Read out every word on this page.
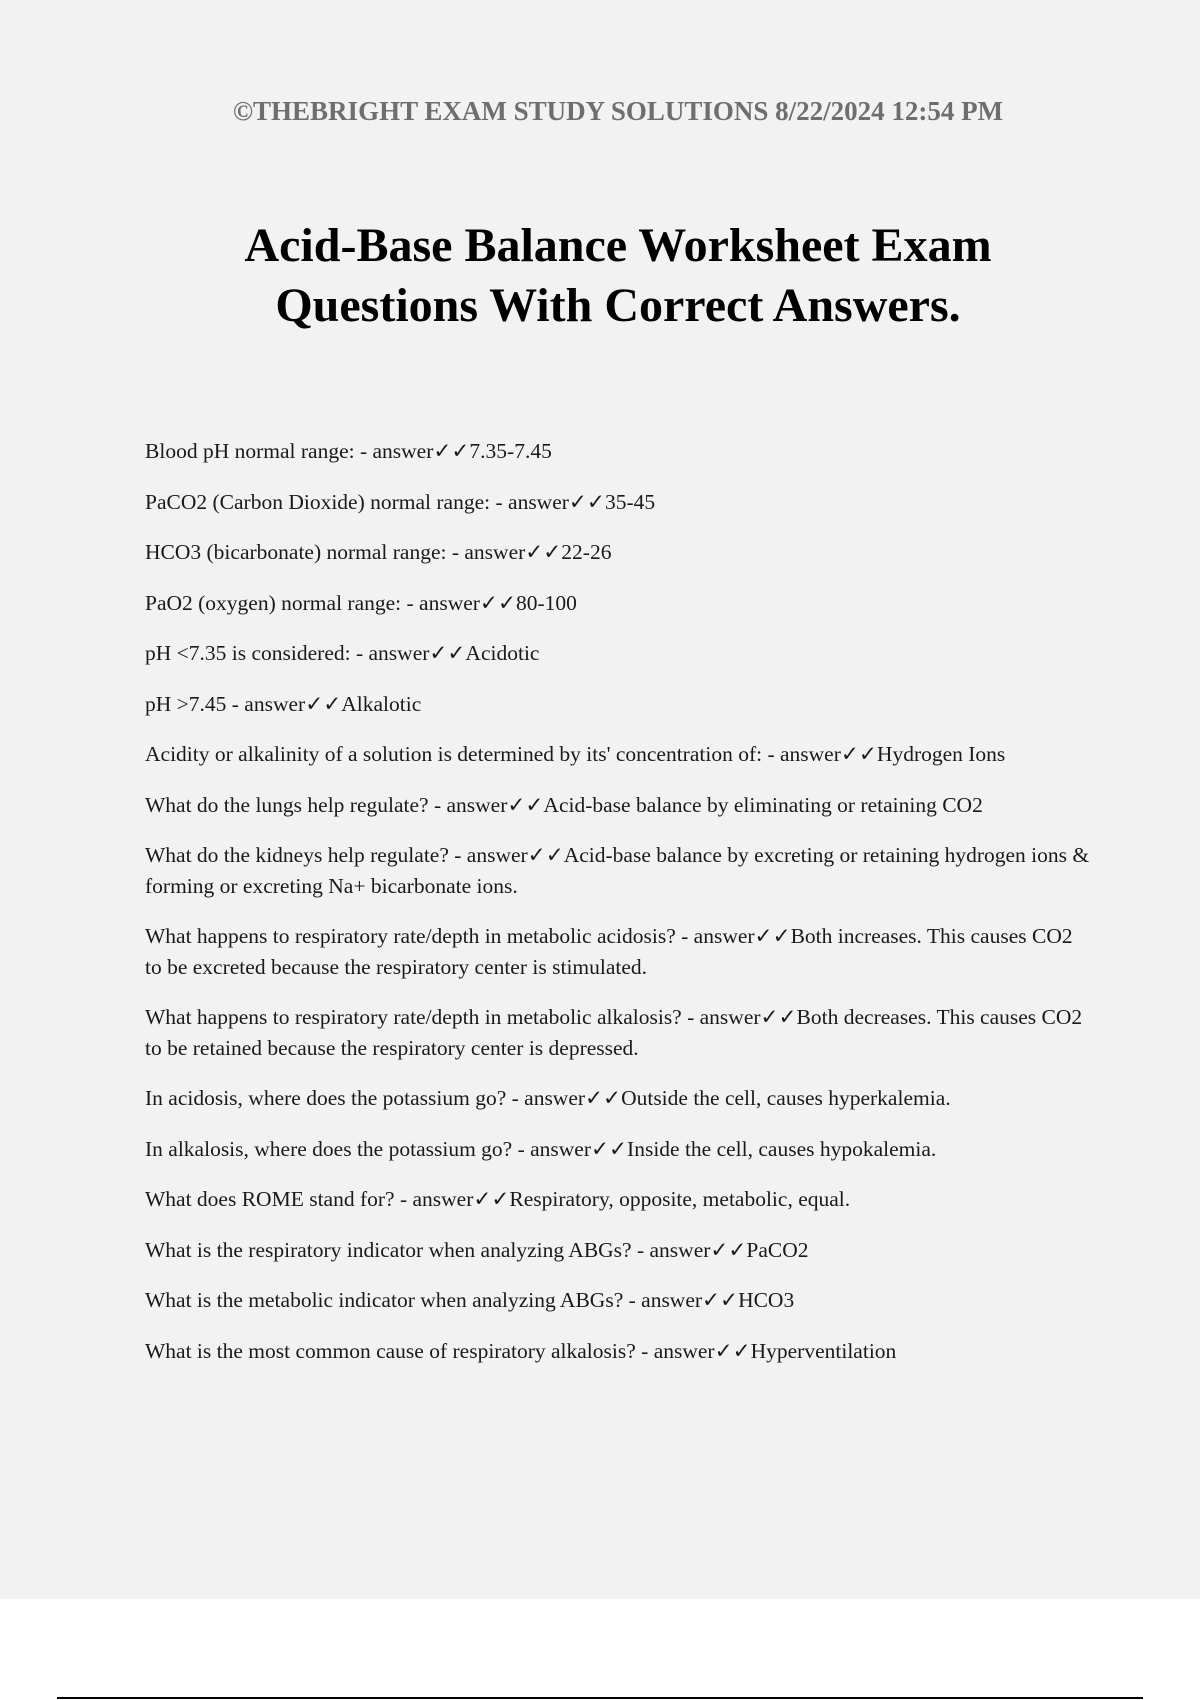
©THEBRIGHT EXAM STUDY SOLUTIONS 8/22/2024 12:54 PM
Acid-Base Balance Worksheet Exam
Questions With Correct Answers.
Blood pH normal range: - answer✓✓7.35-7.45
PaCO2 (Carbon Dioxide) normal range: - answer✓✓35-45
HCO3 (bicarbonate) normal range: - answer✓✓22-26
PaO2 (oxygen) normal range: - answer✓✓80-100
pH <7.35 is considered: - answer✓✓Acidotic
pH >7.45 - answer✓✓Alkalotic
Acidity or alkalinity of a solution is determined by its' concentration of: - answer✓✓Hydrogen Ions
What do the lungs help regulate? - answer✓✓Acid-base balance by eliminating or retaining CO2
What do the kidneys help regulate? - answer✓✓Acid-base balance by excreting or retaining hydrogen ions & forming or excreting Na+ bicarbonate ions.
What happens to respiratory rate/depth in metabolic acidosis? - answer✓✓Both increases. This causes CO2 to be excreted because the respiratory center is stimulated.
What happens to respiratory rate/depth in metabolic alkalosis? - answer✓✓Both decreases. This causes CO2 to be retained because the respiratory center is depressed.
In acidosis, where does the potassium go? - answer✓✓Outside the cell, causes hyperkalemia.
In alkalosis, where does the potassium go? - answer✓✓Inside the cell, causes hypokalemia.
What does ROME stand for? - answer✓✓Respiratory, opposite, metabolic, equal.
What is the respiratory indicator when analyzing ABGs? - answer✓✓PaCO2
What is the metabolic indicator when analyzing ABGs? - answer✓✓HCO3
What is the most common cause of respiratory alkalosis? - answer✓✓Hyperventilation
